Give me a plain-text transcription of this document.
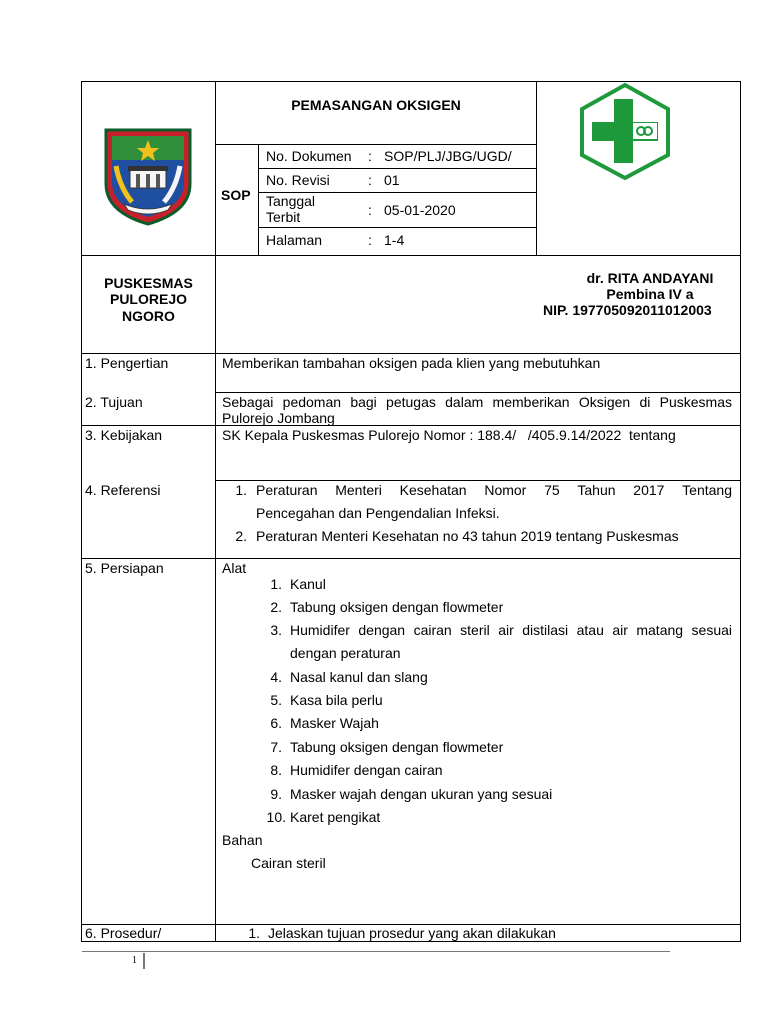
PEMASANGAN OKSIGEN
SOP
No. Dokumen : SOP/PLJ/JBG/UGD/
No. Revisi	: 01
Tanggal
Terbit	: 05-01-2020
Halaman	: 1-4
PUSKESMAS
PULOREJO
NGORO
dr. RITA ANDAYANI
Pembina IV a
NIP. 197705092011012003
1. Pengertian	Memberikan tambahan oksigen pada klien yang mebutuhkan
2. Tujuan	Sebagai pedoman bagi petugas dalam memberikan Oksigen di Puskesmas
Pulorejo Jombang
3. Kebijakan	SK Kepala Puskesmas Pulorejo Nomor : 188.4/   /405.9.14/2022  tentang
4. Referensi	1. Peraturan Menteri Kesehatan Nomor 75 Tahun 2017 Tentang
Pencegahan dan Pengendalian Infeksi.
2. Peraturan Menteri Kesehatan no 43 tahun 2019 tentang Puskesmas
5. Persiapan	Alat
1. Kanul
2. Tabung oksigen dengan flowmeter
3. Humidifer dengan cairan steril air distilasi atau air matang sesuai
dengan peraturan
4. Nasal kanul dan slang
5. Kasa bila perlu
6. Masker Wajah
7. Tabung oksigen dengan flowmeter
8. Humidifer dengan cairan
9. Masker wajah dengan ukuran yang sesuai
10. Karet pengikat
Bahan
Cairan steril
6. Prosedur/	1. Jelaskan tujuan prosedur yang akan dilakukan
1
